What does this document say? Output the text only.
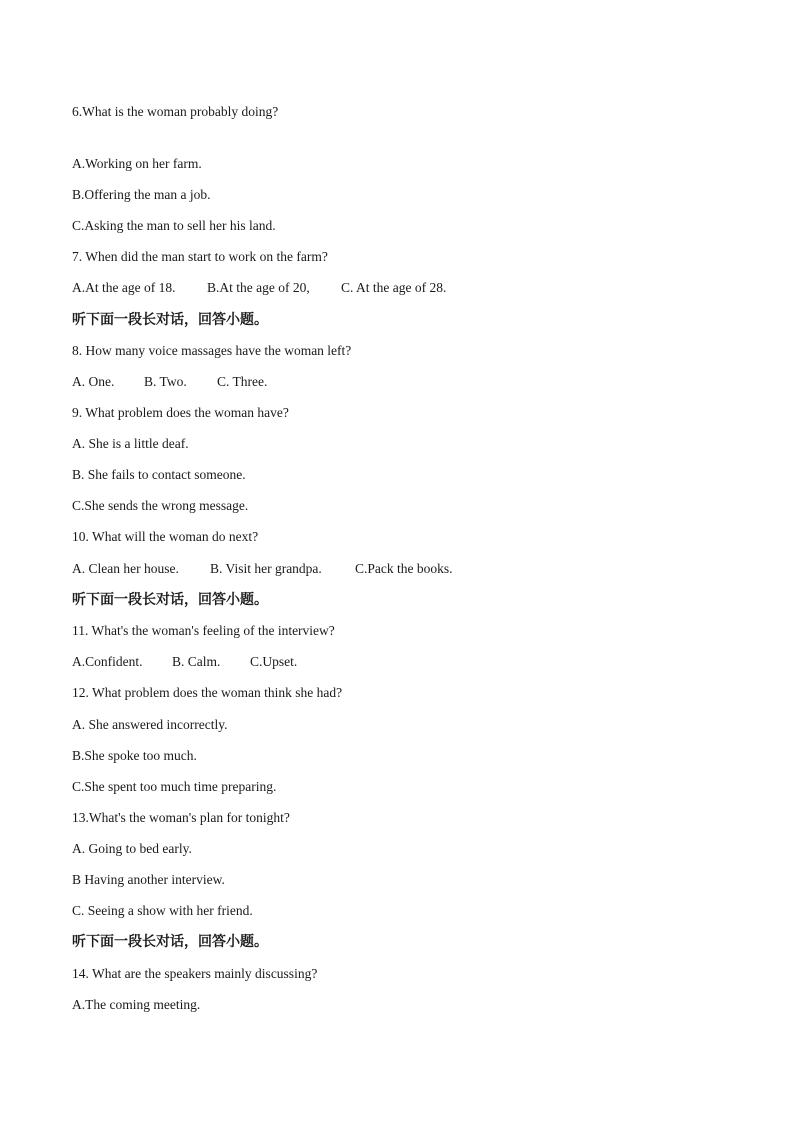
6.What is the woman probably doing?
A.Working on her farm.
B.Offering the man a job.
C.Asking the man to sell her his land.
7. When did the man start to work on the farm?
A.At the age of 18. B.At the age of 20, C. At the age of 28.
听下面一段长对话，回答小题。
8. How many voice massages have the woman left?
A. One. B. Two. C. Three.
9. What problem does the woman have?
A. She is a little deaf.
B. She fails to contact someone.
C.She sends the wrong message.
10. What will the woman do next?
A. Clean her house. B. Visit her grandpa. C.Pack the books.
听下面一段长对话，回答小题。
11. What's the woman's feeling of the interview?
A.Confident. B. Calm. C.Upset.
12. What problem does the woman think she had?
A. She answered incorrectly.
B.She spoke too much.
C.She spent too much time preparing.
13.What's the woman's plan for tonight?
A. Going to bed early.
B Having another interview.
C. Seeing a show with her friend.
听下面一段长对话，回答小题。
14. What are the speakers mainly discussing?
A.The coming meeting.
